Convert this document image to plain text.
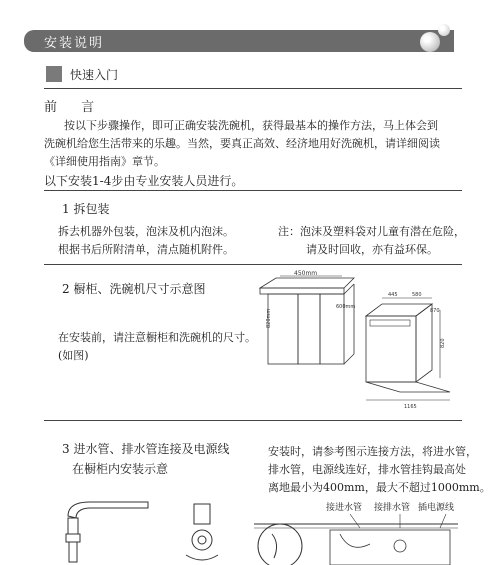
安装说明
快速入门
前 言
按以下步骤操作，即可正确安装洗碗机，获得最基本的操作方法，马上体会到
洗碗机给您生活带来的乐趣。当然，要真正高效、经济地用好洗碗机，请详细阅读
《详细使用指南》章节。
以下安装1-4步由专业安装人员进行。
1 拆包装
拆去机器外包装，泡沫及机内泡沫。
根据书后所附清单，清点随机附件。
注：泡沫及塑料袋对儿童有潜在危险，
请及时回收，亦有益环保。
2 橱柜、洗碗机尺寸示意图
在安装前，请注意橱柜和洗碗机的尺寸。
(如图)
450mm
820mm
445	580
600mm
820
1165
870
3 进水管、排水管连接及电源线
在橱柜内安装示意
安装时，请参考图示连接方法，将进水管，
排水管，电源线连好，排水管挂钩最高处
离地最小为400mm，最大不超过1000mm。
接进水管 接排水管 插电源线
